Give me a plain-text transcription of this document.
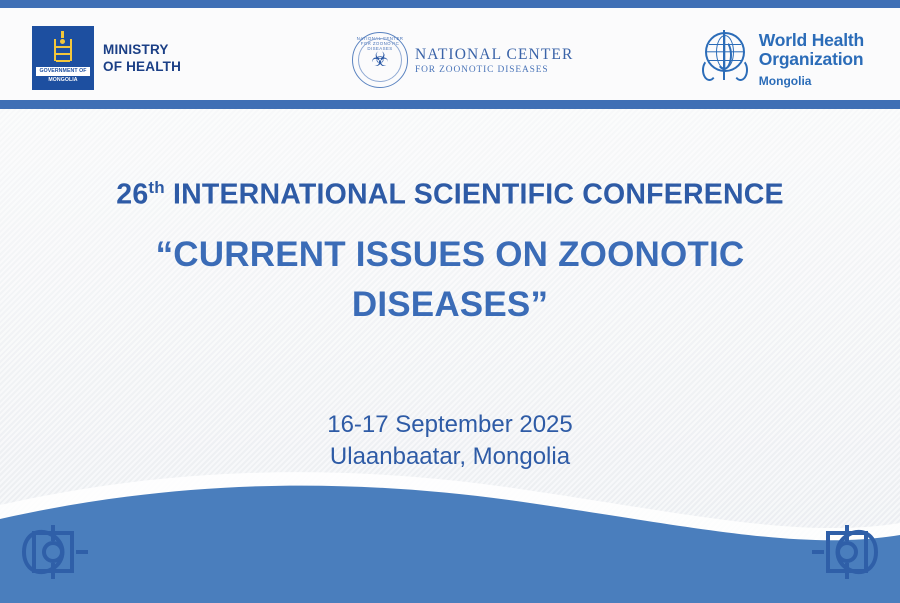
GOVERNMENT OF
MONGOLIA
MINISTRY
OF HEALTH
NATIONAL CENTER FOR ZOONOTIC DISEASES
☣ NATIONAL CENTER
FOR ZOONOTIC DISEASES
World Health
Organization
Mongolia
26th INTERNATIONAL SCIENTIFIC CONFERENCE
“CURRENT ISSUES ON ZOONOTIC DISEASES”
16-17 September 2025
Ulaanbaatar, Mongolia
